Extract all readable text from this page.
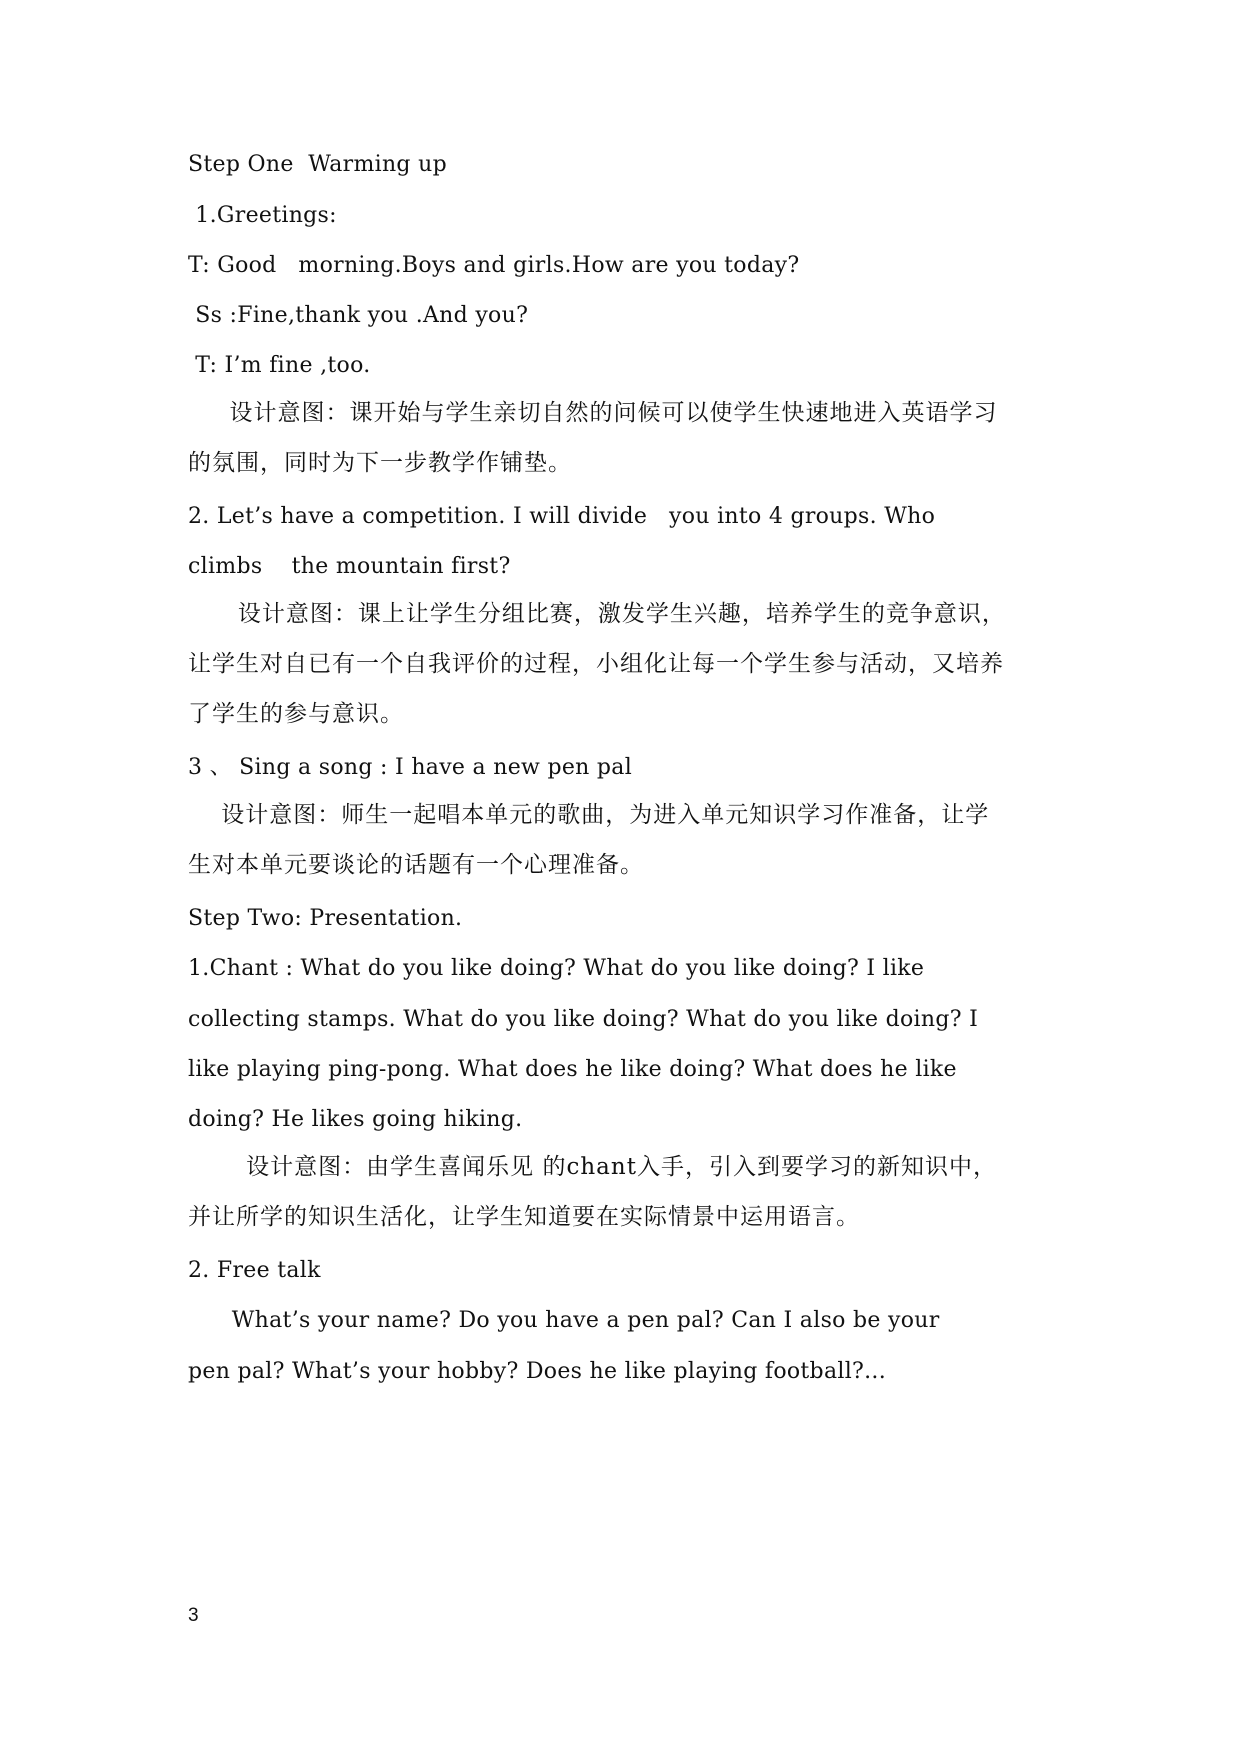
Step One  Warming up
1.Greetings:
T: Good   morning.Boys and girls.How are you today?
Ss :Fine,thank you .And you?
T: I’m fine ,too.
设计意图：课开始与学生亲切自然的问候可以使学生快速地进入英语学习
的氛围，同时为下一步教学作铺垫。
2. Let’s have a competition. I will divide   you into 4 groups. Who
climbs    the mountain first?
设计意图：课上让学生分组比赛，激发学生兴趣，培养学生的竞争意识，
让学生对自已有一个自我评价的过程，小组化让每一个学生参与活动，又培养
了学生的参与意识。
3 、 Sing a song : I have a new pen pal
设计意图：师生一起唱本单元的歌曲，为进入单元知识学习作准备，让学
生对本单元要谈论的话题有一个心理准备。
Step Two: Presentation.
1.Chant : What do you like doing? What do you like doing? I like
collecting stamps. What do you like doing? What do you like doing? I
like playing ping-pong. What does he like doing? What does he like
doing? He likes going hiking.
设计意图：由学生喜闻乐见 的chant入手，引入到要学习的新知识中，
并让所学的知识生活化，让学生知道要在实际情景中运用语言。
2. Free talk
What’s your name? Do you have a pen pal? Can I also be your
pen pal? What’s your hobby? Does he like playing football?...
3
